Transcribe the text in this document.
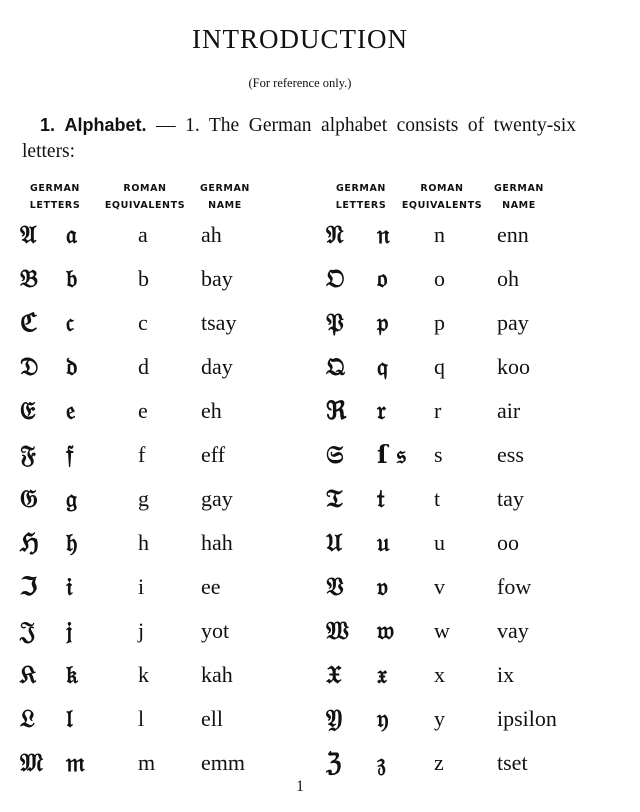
INTRODUCTION
(For reference only.)
1. Alphabet. — 1. The German alphabet consists of twenty-six letters:
GERMAN
LETTERS
ROMAN
EQUIVALENTS
GERMAN
NAME
GERMAN
LETTERS
ROMAN
EQUIVALENTS
GERMAN
NAME
𝔄 𝔞	a ah
𝔅 𝔟	b bay
ℭ 𝔠	c tsay
𝔇 𝔡	d day
𝔈 𝔢	e eh
𝔉 𝔣	f	eff
𝔊 𝔤	g gay
ℌ 𝔥	h hah
ℑ 𝔦	i	ee
𝔍 𝔧	j	yot
𝔎 𝔨	k kah
𝔏 𝔩	l	ell
𝔐 𝔪 m emm
𝔑 𝔫 n enn
𝔒 𝔬 o oh
𝔓 𝔭 p pay
𝔔 𝔮 q koo
ℜ 𝔯 r	air
𝔖 ſ 𝔰 s ess
𝔗 𝔱 t	tay
𝔘 𝔲 u oo
𝔙 𝔳 v fow
𝔚 𝔴 w vay
𝔛 𝔵 x ix
𝔜 𝔶 y ipsilon
ℨ 𝔷 z tset
1
